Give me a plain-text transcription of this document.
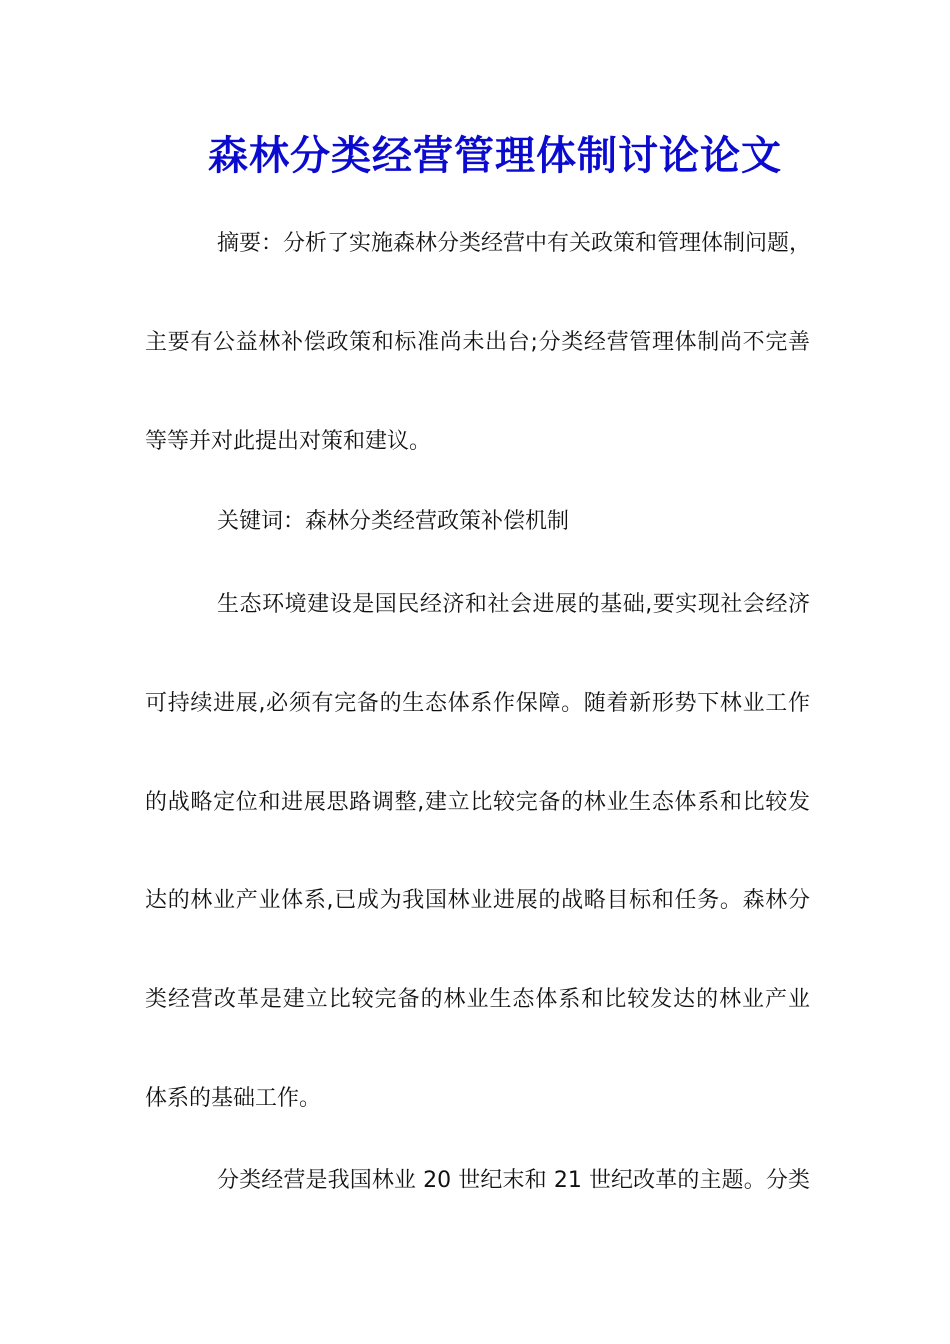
森林分类经营管理体制讨论论文
摘要：分析了实施森林分类经营中有关政策和管理体制问题，
主要有公益林补偿政策和标准尚未出台;分类经营管理体制尚不完善
等等并对此提出对策和建议。
关键词：森林分类经营政策补偿机制
生态环境建设是国民经济和社会进展的基础,要实现社会经济
可持续进展,必须有完备的生态体系作保障。随着新形势下林业工作
的战略定位和进展思路调整,建立比较完备的林业生态体系和比较发
达的林业产业体系,已成为我国林业进展的战略目标和任务。森林分
类经营改革是建立比较完备的林业生态体系和比较发达的林业产业
体系的基础工作。
分类经营是我国林业 20 世纪末和 21 世纪改革的主题。分类
